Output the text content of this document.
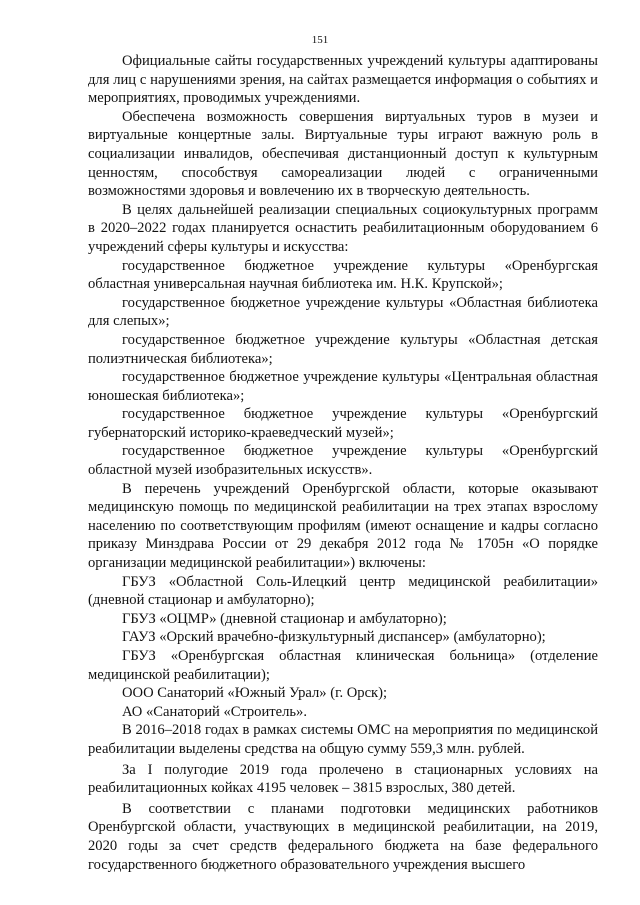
151

Официальные сайты государственных учреждений культуры адаптированы для лиц с нарушениями зрения, на сайтах размещается информация о событиях и мероприятиях, проводимых учреждениями.

Обеспечена возможность совершения виртуальных туров в музеи и виртуальные концертные залы. Виртуальные туры играют важную роль в социализации инвалидов, обеспечивая дистанционный доступ к культурным ценностям, способствуя самореализации людей с ограниченными возможностями здоровья и вовлечению их в творческую деятельность.

В целях дальнейшей реализации специальных социокультурных программ в 2020–2022 годах планируется оснастить реабилитационным оборудованием 6 учреждений сферы культуры и искусства:

государственное бюджетное учреждение культуры «Оренбургская областная универсальная научная библиотека им. Н.К. Крупской»;

государственное бюджетное учреждение культуры «Областная библиотека для слепых»;

государственное бюджетное учреждение культуры «Областная детская полиэтническая библиотека»;

государственное бюджетное учреждение культуры «Центральная областная юношеская библиотека»;

государственное бюджетное учреждение культуры «Оренбургский губернаторский историко-краеведческий музей»;

государственное бюджетное учреждение культуры «Оренбургский областной музей изобразительных искусств».

В перечень учреждений Оренбургской области, которые оказывают медицинскую помощь по медицинской реабилитации на трех этапах взрослому населению по соответствующим профилям (имеют оснащение и кадры согласно приказу Минздрава России от 29 декабря 2012 года № 1705н «О порядке организации медицинской реабилитации») включены:

ГБУЗ «Областной Соль-Илецкий центр медицинской реабилитации» (дневной стационар и амбулаторно);

ГБУЗ «ОЦМР» (дневной стационар и амбулаторно);

ГАУЗ «Орский врачебно-физкультурный диспансер» (амбулаторно);

ГБУЗ «Оренбургская областная клиническая больница» (отделение медицинской реабилитации);

ООО Санаторий «Южный Урал» (г. Орск);

АО «Санаторий «Строитель».

В 2016–2018 годах в рамках системы ОМС на мероприятия по медицинской реабилитации выделены средства на общую сумму 559,3 млн. рублей.

За I полугодие 2019 года пролечено в стационарных условиях на реабилитационных койках 4195 человек – 3815 взрослых, 380 детей.

В соответствии с планами подготовки медицинских работников Оренбургской области, участвующих в медицинской реабилитации, на 2019, 2020 годы за счет средств федерального бюджета на базе федерального государственного бюджетного образовательного учреждения высшего
